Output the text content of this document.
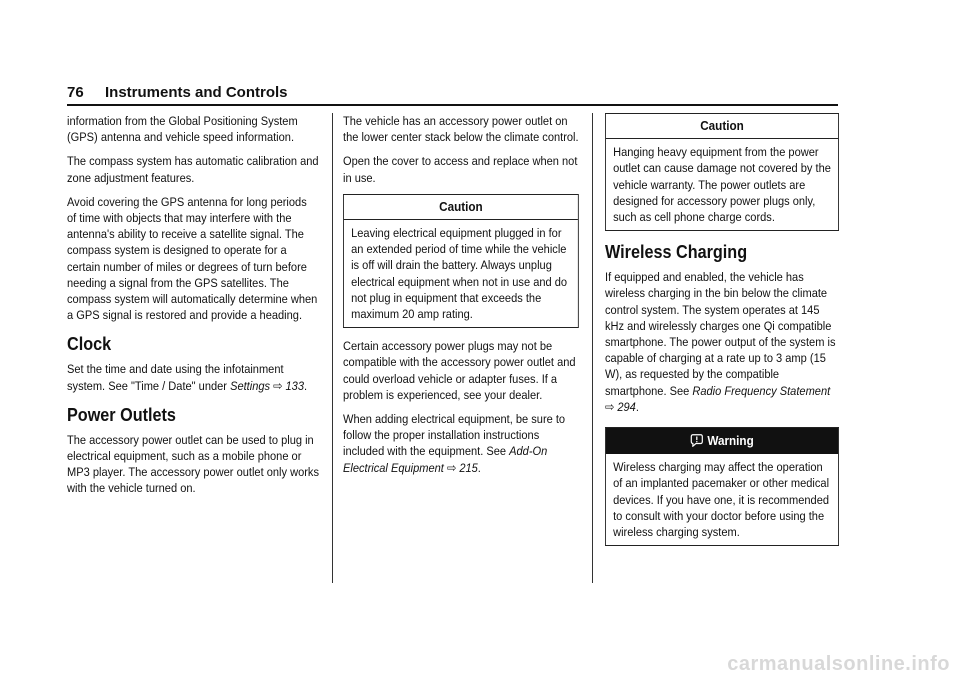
76 Instruments and Controls

information from the Global Positioning System (GPS) antenna and vehicle speed information.

The compass system has automatic calibration and zone adjustment features.

Avoid covering the GPS antenna for long periods of time with objects that may interfere with the antenna's ability to receive a satellite signal. The compass system is designed to operate for a certain number of miles or degrees of turn before needing a signal from the GPS satellites. The compass system will automatically determine when a GPS signal is restored and provide a heading.

Clock

Set the time and date using the infotainment system. See "Time / Date" under Settings ⇨ 133.

Power Outlets

The accessory power outlet can be used to plug in electrical equipment, such as a mobile phone or MP3 player. The accessory power outlet only works with the vehicle turned on.

The vehicle has an accessory power outlet on the lower center stack below the climate control.

Open the cover to access and replace when not in use.

Caution
Leaving electrical equipment plugged in for an extended period of time while the vehicle is off will drain the battery. Always unplug electrical equipment when not in use and do not plug in equipment that exceeds the maximum 20 amp rating.

Certain accessory power plugs may not be compatible with the accessory power outlet and could overload vehicle or adapter fuses. If a problem is experienced, see your dealer.

When adding electrical equipment, be sure to follow the proper installation instructions included with the equipment. See Add-On Electrical Equipment ⇨ 215.

Caution
Hanging heavy equipment from the power outlet can cause damage not covered by the vehicle warranty. The power outlets are designed for accessory power plugs only, such as cell phone charge cords.
Wireless Charging

If equipped and enabled, the vehicle has wireless charging in the bin below the climate control system. The system operates at 145 kHz and wirelessly charges one Qi compatible smartphone. The power output of the system is capable of charging at a rate up to 3 amp (15 W), as requested by the compatible smartphone. See Radio Frequency Statement ⇨ 294.

Warning
Wireless charging may affect the operation of an implanted pacemaker or other medical devices. If you have one, it is recommended to consult with your doctor before using the wireless charging system.
carmanualsonline.info
